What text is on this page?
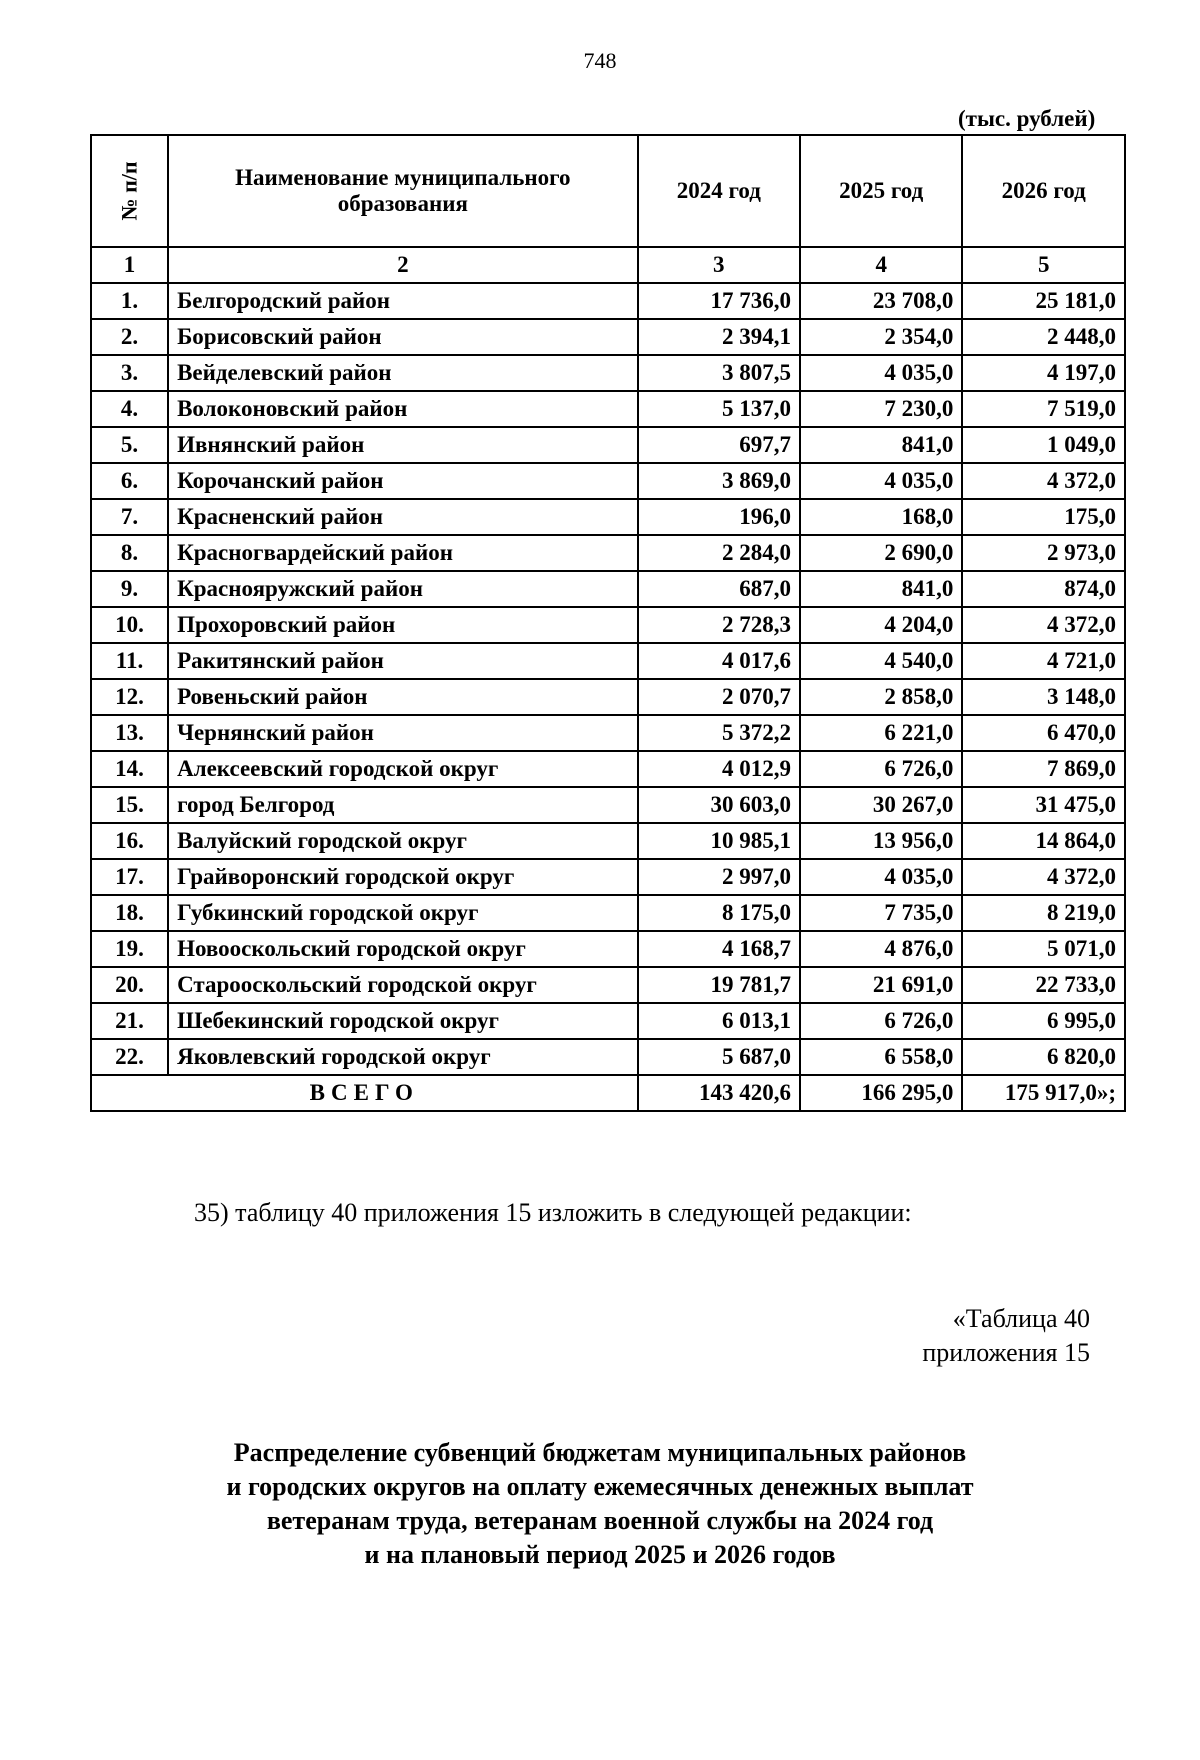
748
(тыс. рублей)
№ п/п	Наименование муниципального образования	2024 год	2025 год	2026 год
1	2	3	4	5
1.	Белгородский район	17 736,0	23 708,0	25 181,0
2.	Борисовский район	2 394,1	2 354,0	2 448,0
3.	Вейделевский район	3 807,5	4 035,0	4 197,0
4.	Волоконовский район	5 137,0	7 230,0	7 519,0
5.	Ивнянский район	697,7	841,0	1 049,0
6.	Корочанский район	3 869,0	4 035,0	4 372,0
7.	Красненский район	196,0	168,0	175,0
8.	Красногвардейский район	2 284,0	2 690,0	2 973,0
9.	Краснояружский район	687,0	841,0	874,0
10.	Прохоровский район	2 728,3	4 204,0	4 372,0
11.	Ракитянский район	4 017,6	4 540,0	4 721,0
12.	Ровеньский район	2 070,7	2 858,0	3 148,0
13.	Чернянский район	5 372,2	6 221,0	6 470,0
14.	Алексеевский городской округ	4 012,9	6 726,0	7 869,0
15.	город Белгород	30 603,0	30 267,0	31 475,0
16.	Валуйский городской округ	10 985,1	13 956,0	14 864,0
17.	Грайворонский городской округ	2 997,0	4 035,0	4 372,0
18.	Губкинский городской округ	8 175,0	7 735,0	8 219,0
19.	Новооскольский городской округ	4 168,7	4 876,0	5 071,0
20.	Старооскольский городской округ	19 781,7	21 691,0	22 733,0
21.	Шебекинский городской округ	6 013,1	6 726,0	6 995,0
22.	Яковлевский городской округ	5 687,0	6 558,0	6 820,0
ВСЕГО		143 420,6	166 295,0	175 917,0»;
35) таблицу 40 приложения 15 изложить в следующей редакции:
«Таблица 40
приложения 15
Распределение субвенций бюджетам муниципальных районов
и городских округов на оплату ежемесячных денежных выплат
ветеранам труда, ветеранам военной службы на 2024 год
и на плановый период 2025 и 2026 годов
